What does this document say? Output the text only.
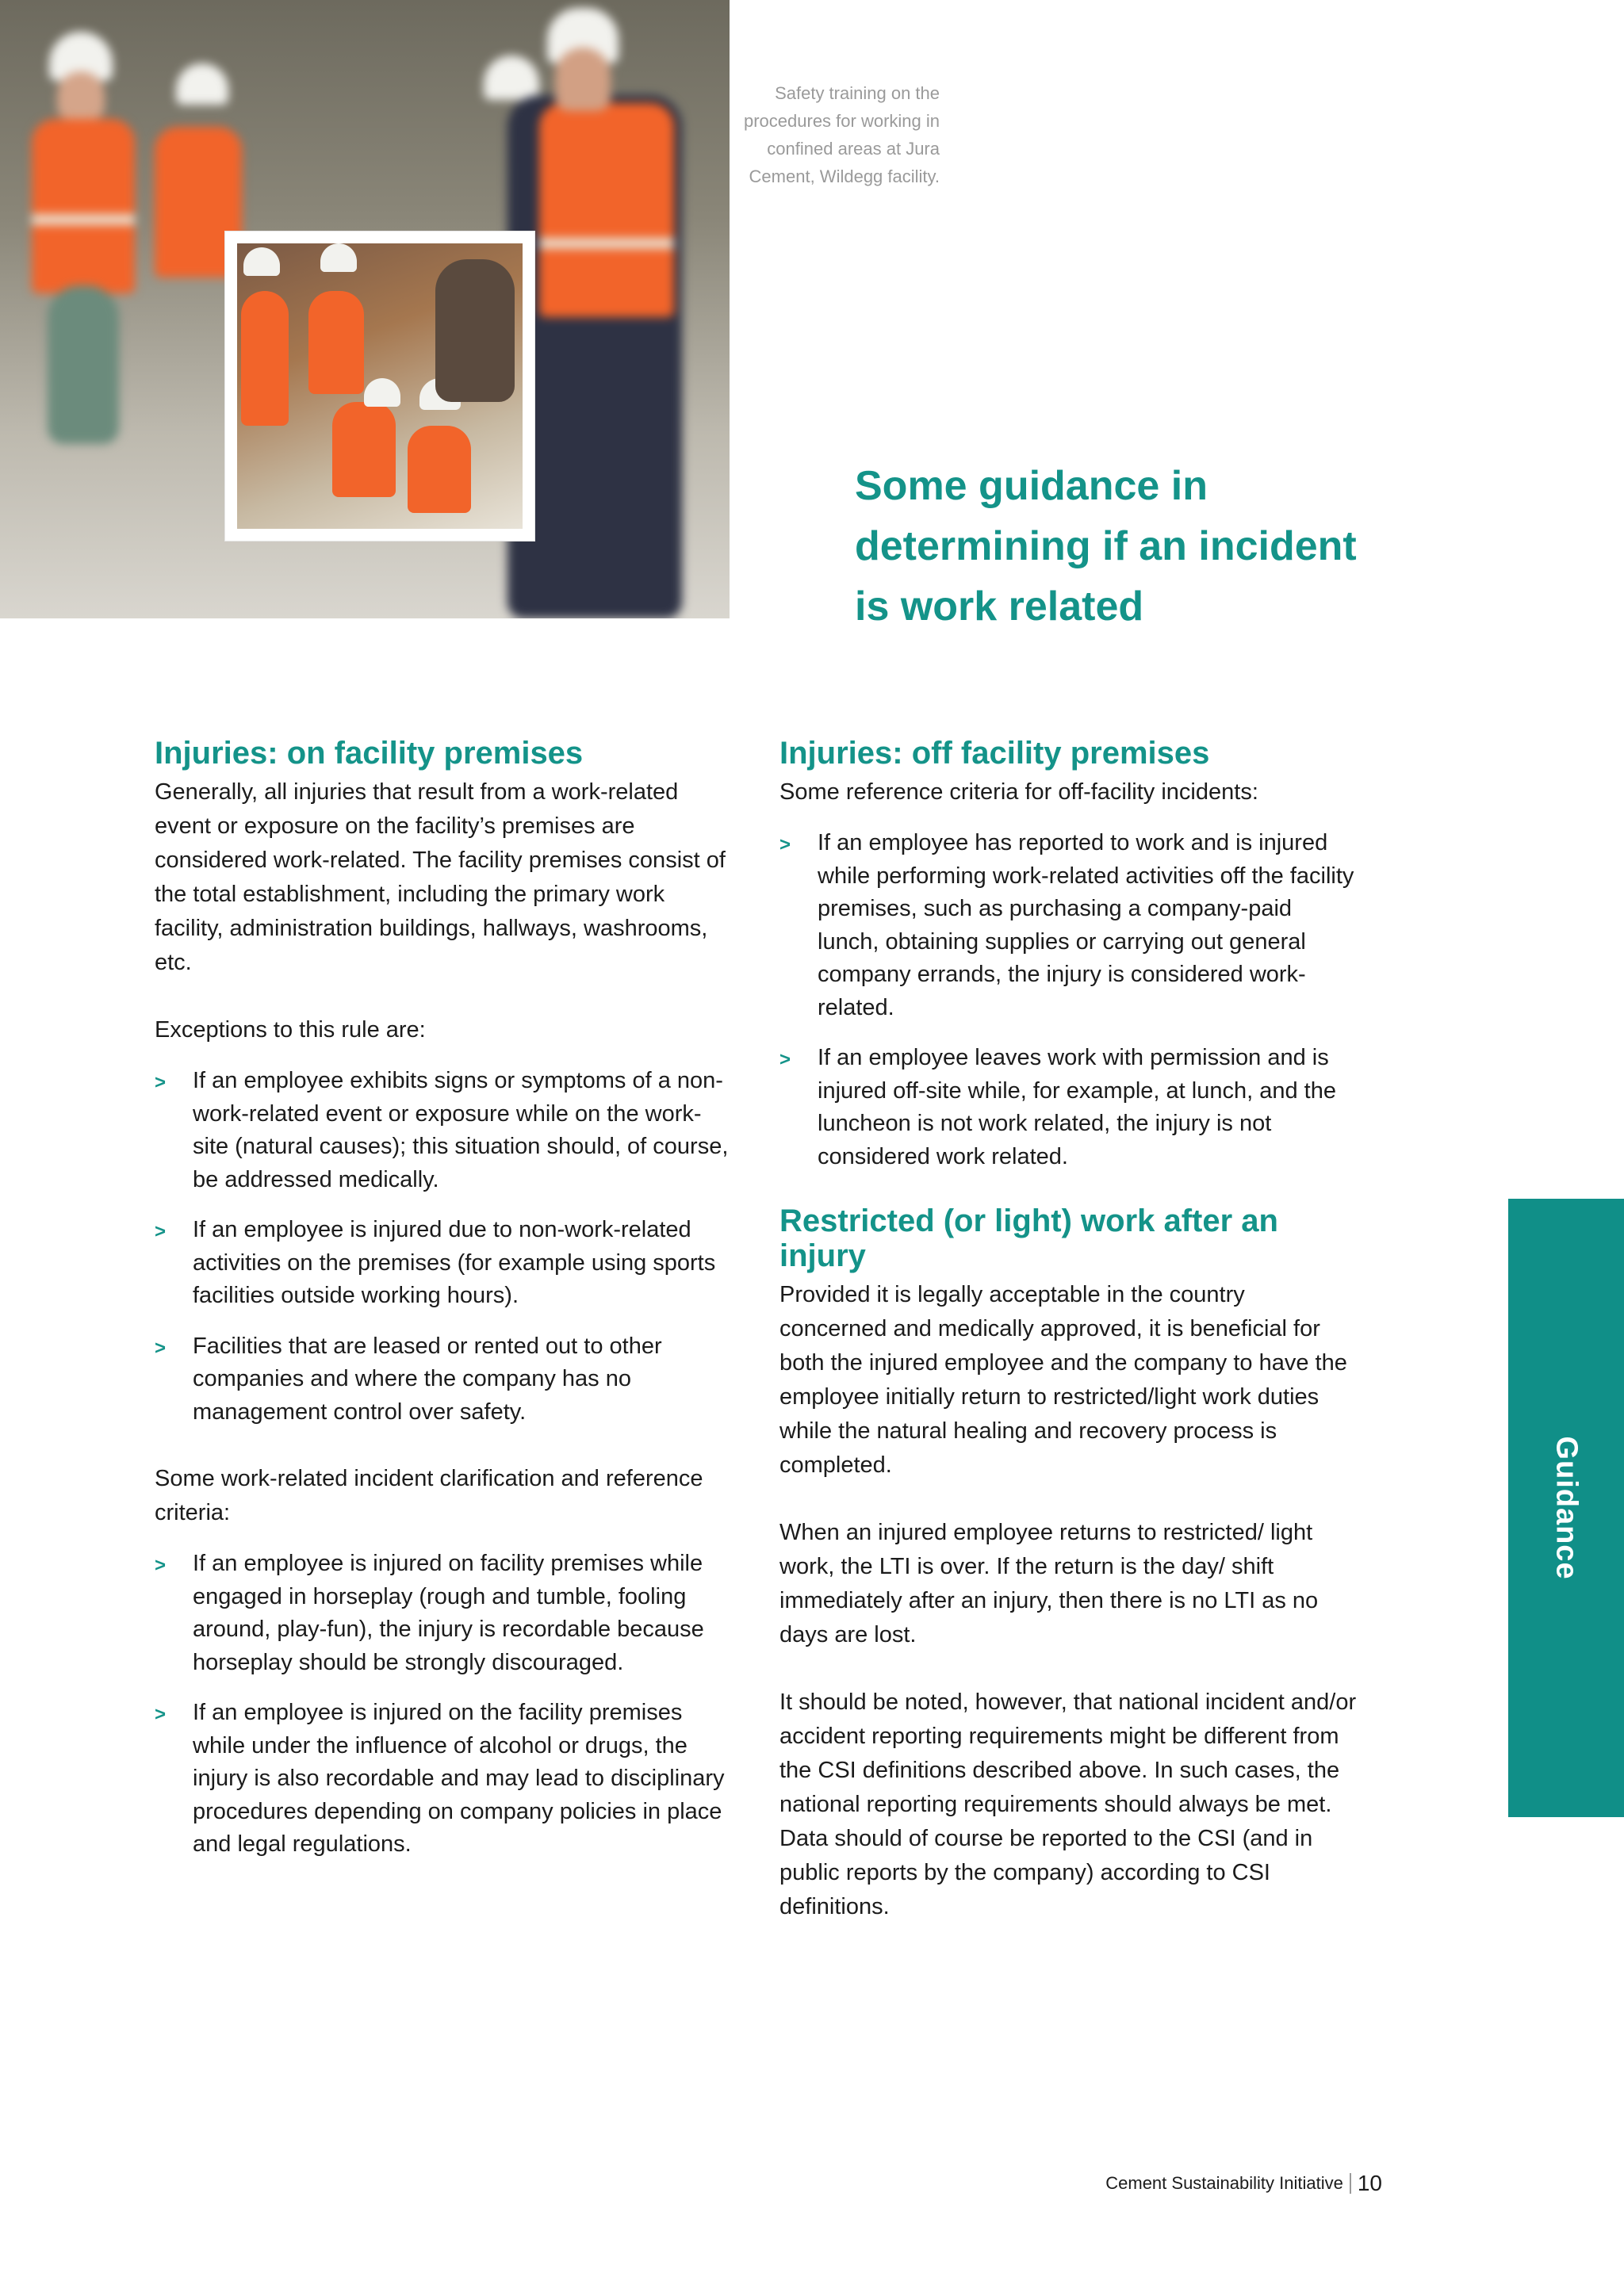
Safety training on the procedures for working in confined areas at Jura Cement, Wildegg facility.
Some guidance in determining if an incident is work related
Injuries: on facility premises

Generally, all injuries that result from a work-related event or exposure on the facility’s premises are considered work-related. The facility premises consist of the total establishment, including the primary work facility, administration buildings, hallways, washrooms, etc.

Exceptions to this rule are:

> If an employee exhibits signs or symptoms of a non-work-related event or exposure while on the work-site (natural causes); this situation should, of course, be addressed medically.
> If an employee is injured due to non-work-related activities on the premises (for example using sports facilities outside working hours).
> Facilities that are leased or rented out to other companies and where the company has no management control over safety.

Some work-related incident clarification and reference criteria:

> If an employee is injured on facility premises while engaged in horseplay (rough and tumble, fooling around, play-fun), the injury is recordable because horseplay should be strongly discouraged.
> If an employee is injured on the facility premises while under the influence of alcohol or drugs, the injury is also recordable and may lead to disciplinary procedures depending on company policies in place and legal regulations.
Injuries: off facility premises

Some reference criteria for off-facility incidents:

> If an employee has reported to work and is injured while performing work-related activities off the facility premises, such as purchasing a company-paid lunch, obtaining supplies or carrying out general company errands, the injury is considered work-related.
> If an employee leaves work with permission and is injured off-site while, for example, at lunch, and the luncheon is not work related, the injury is not considered work related.
Restricted (or light) work after an injury

Provided it is legally acceptable in the country concerned and medically approved, it is beneficial for both the injured employee and the company to have the employee initially return to restricted/light work duties while the natural healing and recovery process is completed.

When an injured employee returns to restricted/ light work, the LTI is over. If the return is the day/ shift immediately after an injury, then there is no LTI as no days are lost.

It should be noted, however, that national incident and/or accident reporting requirements might be different from the CSI definitions described above. In such cases, the national reporting requirements should always be met. Data should of course be reported to the CSI (and in public reports by the company) according to CSI definitions.

Guidance
Cement Sustainability Initiative 10
